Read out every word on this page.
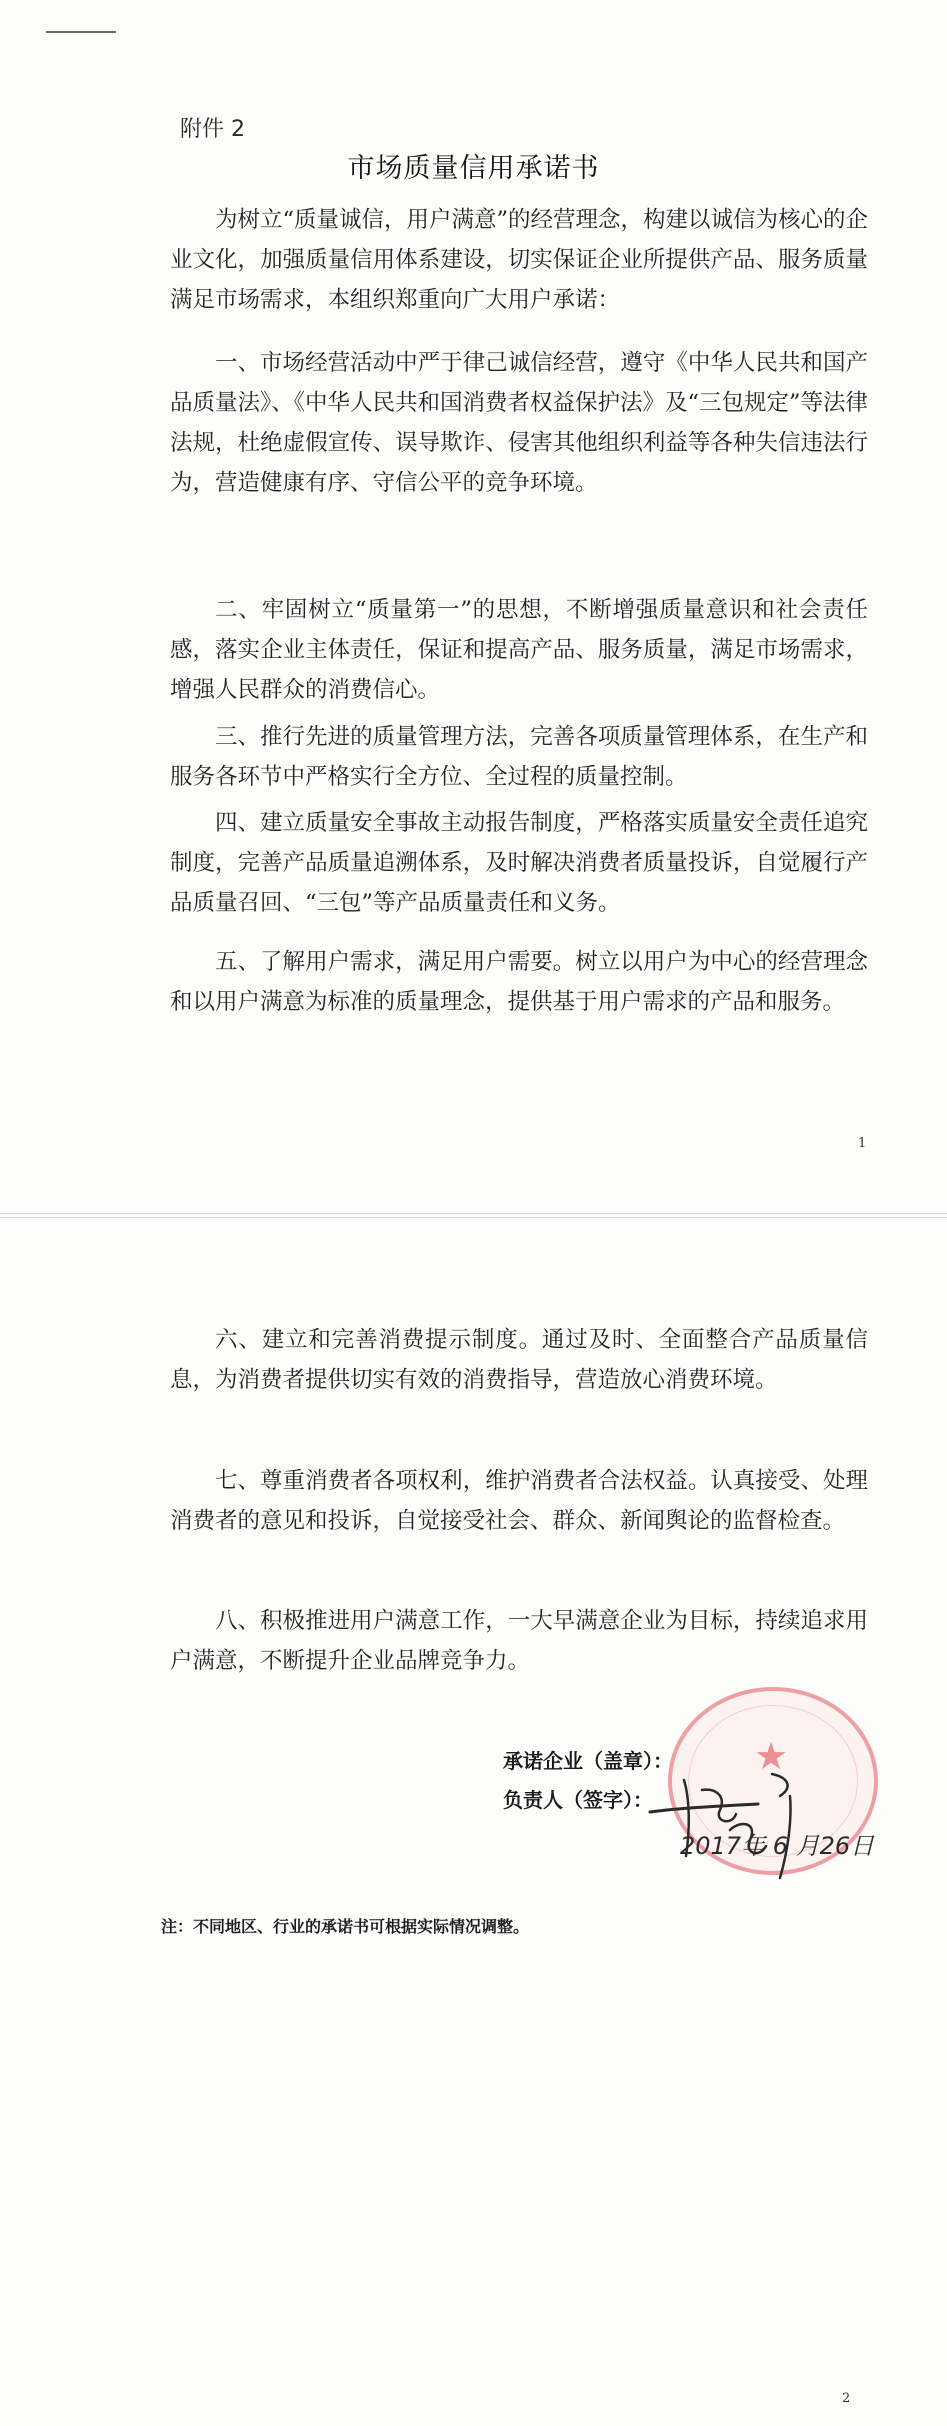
附件 2
市场质量信用承诺书

为树立“质量诚信，用户满意”的经营理念，构建以诚信为核心的企业文化，加强质量信用体系建设，切实保证企业所提供产品、服务质量满足市场需求，本组织郑重向广大用户承诺：

一、市场经营活动中严于律己诚信经营，遵守《中华人民共和国产品质量法》、《中华人民共和国消费者权益保护法》及“三包规定”等法律法规，杜绝虚假宣传、误导欺诈、侵害其他组织利益等各种失信违法行为，营造健康有序、守信公平的竞争环境。

二、牢固树立“质量第一”的思想，不断增强质量意识和社会责任感，落实企业主体责任，保证和提高产品、服务质量，满足市场需求，增强人民群众的消费信心。

三、推行先进的质量管理方法，完善各项质量管理体系，在生产和服务各环节中严格实行全方位、全过程的质量控制。

四、建立质量安全事故主动报告制度，严格落实质量安全责任追究制度，完善产品质量追溯体系，及时解决消费者质量投诉，自觉履行产品质量召回、“三包”等产品质量责任和义务。

五、了解用户需求，满足用户需要。树立以用户为中心的经营理念和以用户满意为标准的质量理念，提供基于用户需求的产品和服务。

1

六、建立和完善消费提示制度。通过及时、全面整合产品质量信息，为消费者提供切实有效的消费指导，营造放心消费环境。

七、尊重消费者各项权利，维护消费者合法权益。认真接受、处理消费者的意见和投诉，自觉接受社会、群众、新闻舆论的监督检查。

八、积极推进用户满意工作，一大早满意企业为目标，持续追求用户满意，不断提升企业品牌竞争力。

★
承诺企业（盖章）：
负责人（签字）：
2017年 6 月26日
注：不同地区、行业的承诺书可根据实际情况调整。
2
